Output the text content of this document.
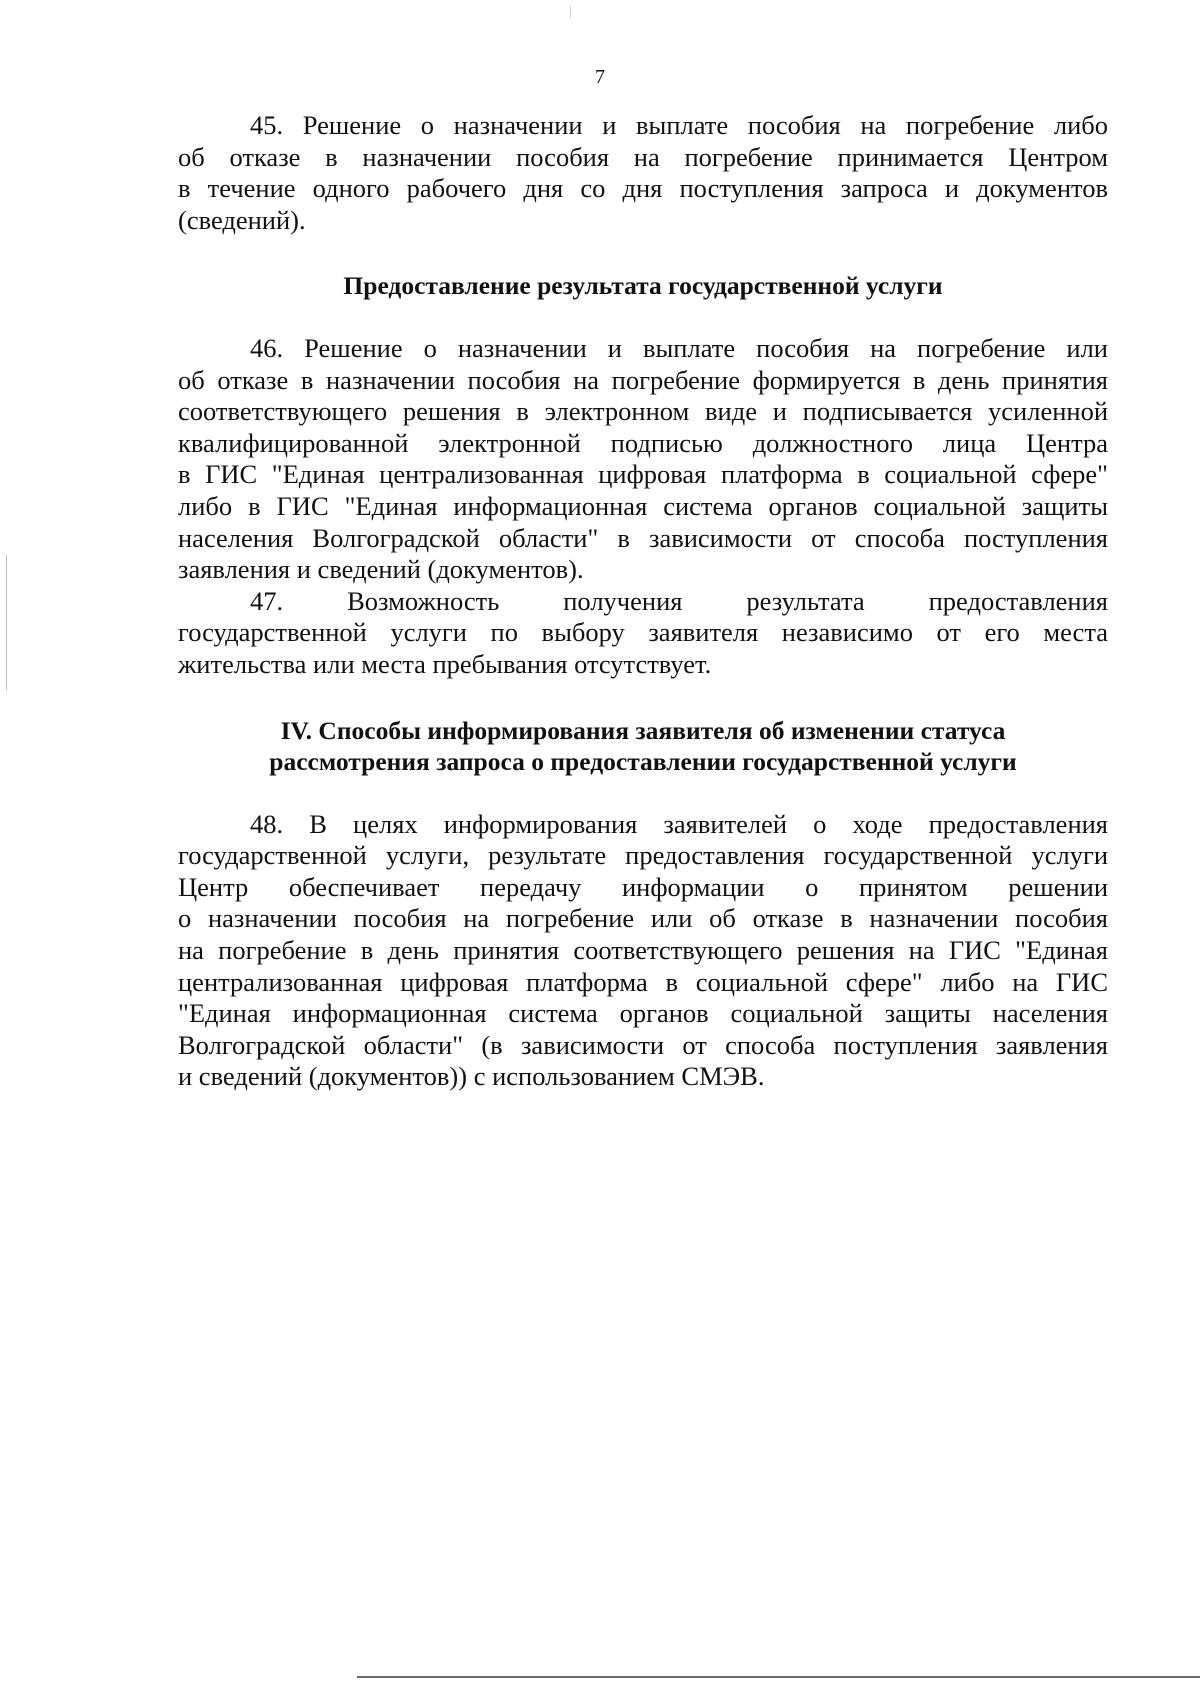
7
45. Решение о назначении и выплате пособия на погребение либо
об отказе в назначении пособия на погребение принимается Центром
в течение одного рабочего дня со дня поступления запроса и документов
(сведений).
Предоставление результата государственной услуги
46. Решение о назначении и выплате пособия на погребение или
об отказе в назначении пособия на погребение формируется в день принятия
соответствующего решения в электронном виде и подписывается усиленной
квалифицированной электронной подписью должностного лица Центра
в ГИС "Единая централизованная цифровая платформа в социальной сфере"
либо в ГИС "Единая информационная система органов социальной защиты
населения Волгоградской области" в зависимости от способа поступления
заявления и сведений (документов).
47. Возможность получения результата предоставления
государственной услуги по выбору заявителя независимо от его места
жительства или места пребывания отсутствует.
IV. Способы информирования заявителя об изменении статуса
рассмотрения запроса о предоставлении государственной услуги
48. В целях информирования заявителей о ходе предоставления
государственной услуги, результате предоставления государственной услуги
Центр обеспечивает передачу информации о принятом решении
о назначении пособия на погребение или об отказе в назначении пособия
на погребение в день принятия соответствующего решения на ГИС "Единая
централизованная цифровая платформа в социальной сфере" либо на ГИС
"Единая информационная система органов социальной защиты населения
Волгоградской области" (в зависимости от способа поступления заявления
и сведений (документов)) с использованием СМЭВ.
